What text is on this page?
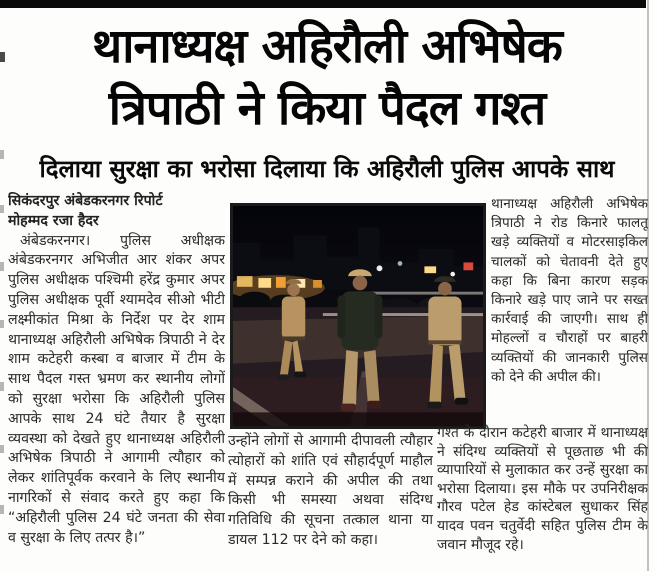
थानाध्यक्ष अहिरौली अभिषेक
त्रिपाठी ने किया पैदल गश्त
दिलाया सुरक्षा का भरोसा दिलाया कि अहिरौली पुलिस आपके साथ
सिकंदरपुर अंबेडकरनगर रिपोर्ट
मोहम्मद रजा हैदर

अंबेडकरनगर। पुलिस अधीक्षक अंबेडकरनगर अभिजीत आर शंकर अपर पुलिस अधीक्षक पश्चिमी हरेंद्र कुमार अपर पुलिस अधीक्षक पूर्वी श्यामदेव सीओ भीटी लक्ष्मीकांत मिश्रा के निर्देश पर देर शाम थानाध्यक्ष अहिरौली अभिषेक त्रिपाठी ने देर शाम कटेहरी कस्बा व बाजार में टीम के साथ पैदल गस्त भ्रमण कर स्थानीय लोगों को सुरक्षा भरोसा कि अहिरौली पुलिस आपके साथ 24 घंटे तैयार है सुरक्षा व्यवस्था को देखते हुए थानाध्यक्ष अहिरौली अभिषेक त्रिपाठी ने आगामी त्यौहार को लेकर शांतिपूर्वक करवाने के लिए स्थानीय नागरिकों से संवाद करते हुए कहा कि “अहिरौली पुलिस 24 घंटे जनता की सेवा व सुरक्षा के लिए तत्पर है।”

थानाध्यक्ष अहिरौली अभिषेक त्रिपाठी ने रोड किनारे फालतू खड़े व्यक्तियों व मोटरसाइकिल चालकों को चेतावनी देते हुए कहा कि बिना कारण सड़क किनारे खड़े पाए जाने पर सख्त कार्रवाई की जाएगी। साथ ही मोहल्लों व चौराहों पर बाहरी व्यक्तियों की जानकारी पुलिस को देने की अपील की।
उन्होंने लोगों से आगामी दीपावली त्यौहार त्योहारों को शांति एवं सौहार्दपूर्ण माहौल में सम्पन्न कराने की अपील की तथा किसी भी समस्या अथवा संदिग्ध गतिविधि की सूचना तत्काल थाना या डायल 112 पर देने को कहा।
गश्त के दौरान कटेहरी बाजार में थानाध्यक्ष ने संदिग्ध व्यक्तियों से पूछताछ भी की व्यापारियों से मुलाकात कर उन्हें सुरक्षा का भरोसा दिलाया। इस मौके पर उपनिरीक्षक गौरव पटेल हेड कांस्टेबल सुधाकर सिंह यादव पवन चतुर्वेदी सहित पुलिस टीम के जवान मौजूद रहे।
